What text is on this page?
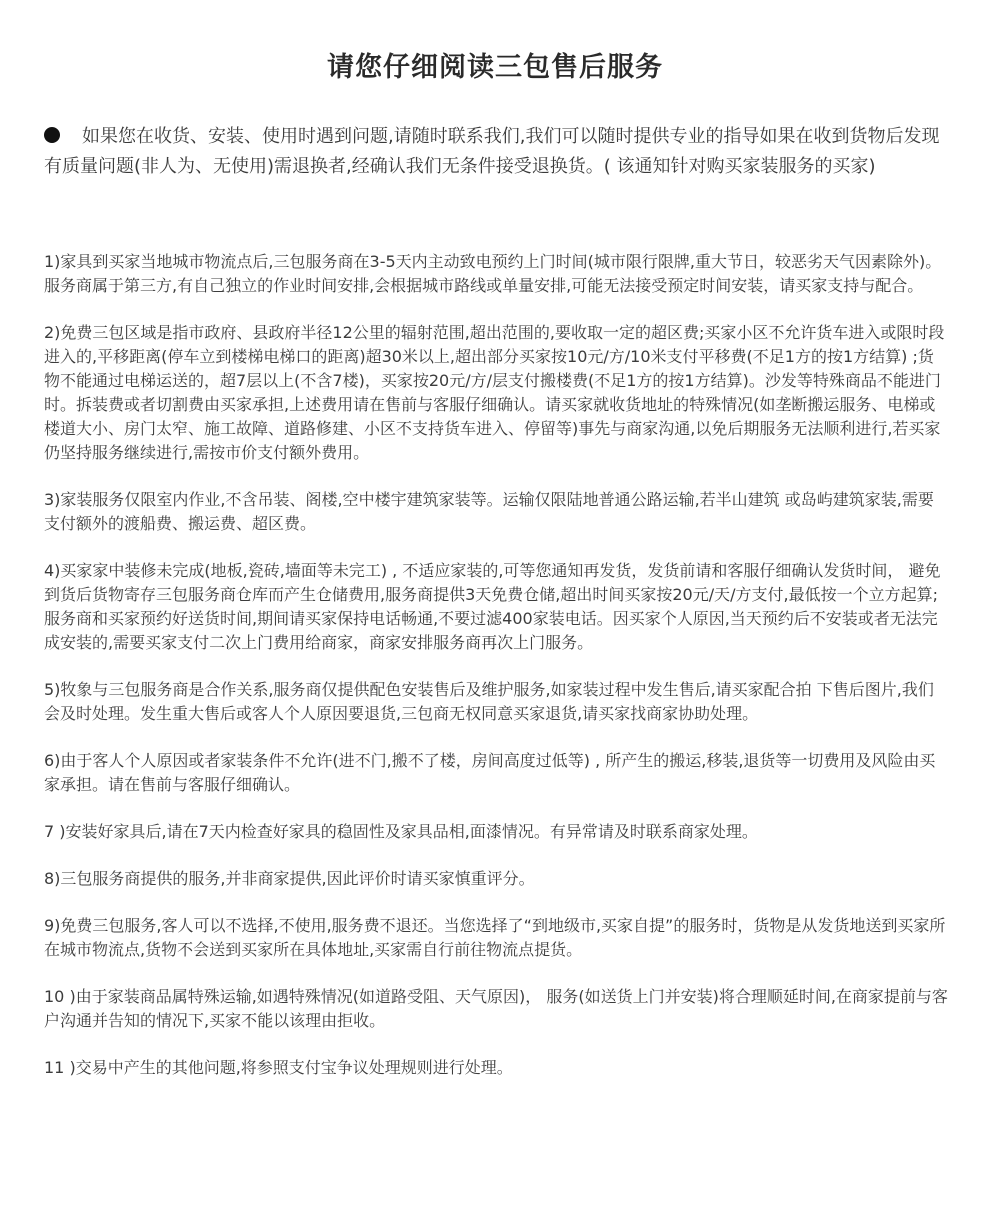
请您仔细阅读三包售后服务

如果您在收货、安装、使用时遇到问题,请随时联系我们,我们可以随时提供专业的指导如果在收到货物后发现有质量问题(非人为、无使用)需退换者,经确认我们无条件接受退换货。( 该通知针对购买家装服务的买家)

1)家具到买家当地城市物流点后,三包服务商在3-5天内主动致电预约上门时间(城市限行限牌,重大节日，较恶劣天气因素除外)。服务商属于第三方,有自己独立的作业时间安排,会根据城市路线或单量安排,可能无法接受预定时间安装，请买家支持与配合。
2)免费三包区域是指市政府、县政府半径12公里的辐射范围,超出范围的,要收取一定的超区费;买家小区不允许货车进入或限时段进入的,平移距离(停车立到楼梯电梯口的距离)超30米以上,超出部分买家按10元/方/10米支付平移费(不足1方的按1方结算) ;货物不能通过电梯运送的，超7层以上(不含7楼)，买家按20元/方/层支付搬楼费(不足1方的按1方结算)。沙发等特殊商品不能进门时。拆装费或者切割费由买家承担,上述费用请在售前与客服仔细确认。请买家就收货地址的特殊情况(如垄断搬运服务、电梯或楼道大小、房门太窄、施工故障、道路修建、小区不支持货车进入、停留等)事先与商家沟通,以免后期服务无法顺利进行,若买家仍坚持服务继续进行,需按市价支付额外费用。
3)家装服务仅限室内作业,不含吊装、阁楼,空中楼宇建筑家装等。运输仅限陆地普通公路运输,若半山建筑 或岛屿建筑家装,需要支付额外的渡船费、搬运费、超区费。
4)买家家中装修未完成(地板,瓷砖,墙面等未完工) , 不适应家装的,可等您通知再发货，发货前请和客服仔细确认发货时间， 避免到货后货物寄存三包服务商仓库而产生仓储费用,服务商提供3天免费仓储,超出时间买家按20元/天/方支付,最低按一个立方起算;服务商和买家预约好送货时间,期间请买家保持电话畅通,不要过滤400家装电话。因买家个人原因,当天预约后不安装或者无法完成安装的,需要买家支付二次上门费用给商家，商家安排服务商再次上门服务。
5)牧象与三包服务商是合作关系,服务商仅提供配色安装售后及维护服务,如家装过程中发生售后,请买家配合拍 下售后图片,我们会及时处理。发生重大售后或客人个人原因要退货,三包商无权同意买家退货,请买家找商家协助处理。
6)由于客人个人原因或者家装条件不允许(进不门,搬不了楼，房间高度过低等) , 所产生的搬运,移装,退货等一切费用及风险由买家承担。请在售前与客服仔细确认。
7 )安装好家具后,请在7天内检查好家具的稳固性及家具品相,面漆情况。有异常请及时联系商家处理。
8)三包服务商提供的服务,并非商家提供,因此评价时请买家慎重评分。
9)免费三包服务,客人可以不选择,不使用,服务费不退还。当您选择了“到地级市,买家自提”的服务时，货物是从发货地送到买家所在城市物流点,货物不会送到买家所在具体地址,买家需自行前往物流点提货。
10 )由于家装商品属特殊运输,如遇特殊情况(如道路受阻、天气原因)， 服务(如送货上门并安装)将合理顺延时间,在商家提前与客户沟通并告知的情况下,买家不能以该理由拒收。
11 )交易中产生的其他问题,将参照支付宝争议处理规则进行处理。
